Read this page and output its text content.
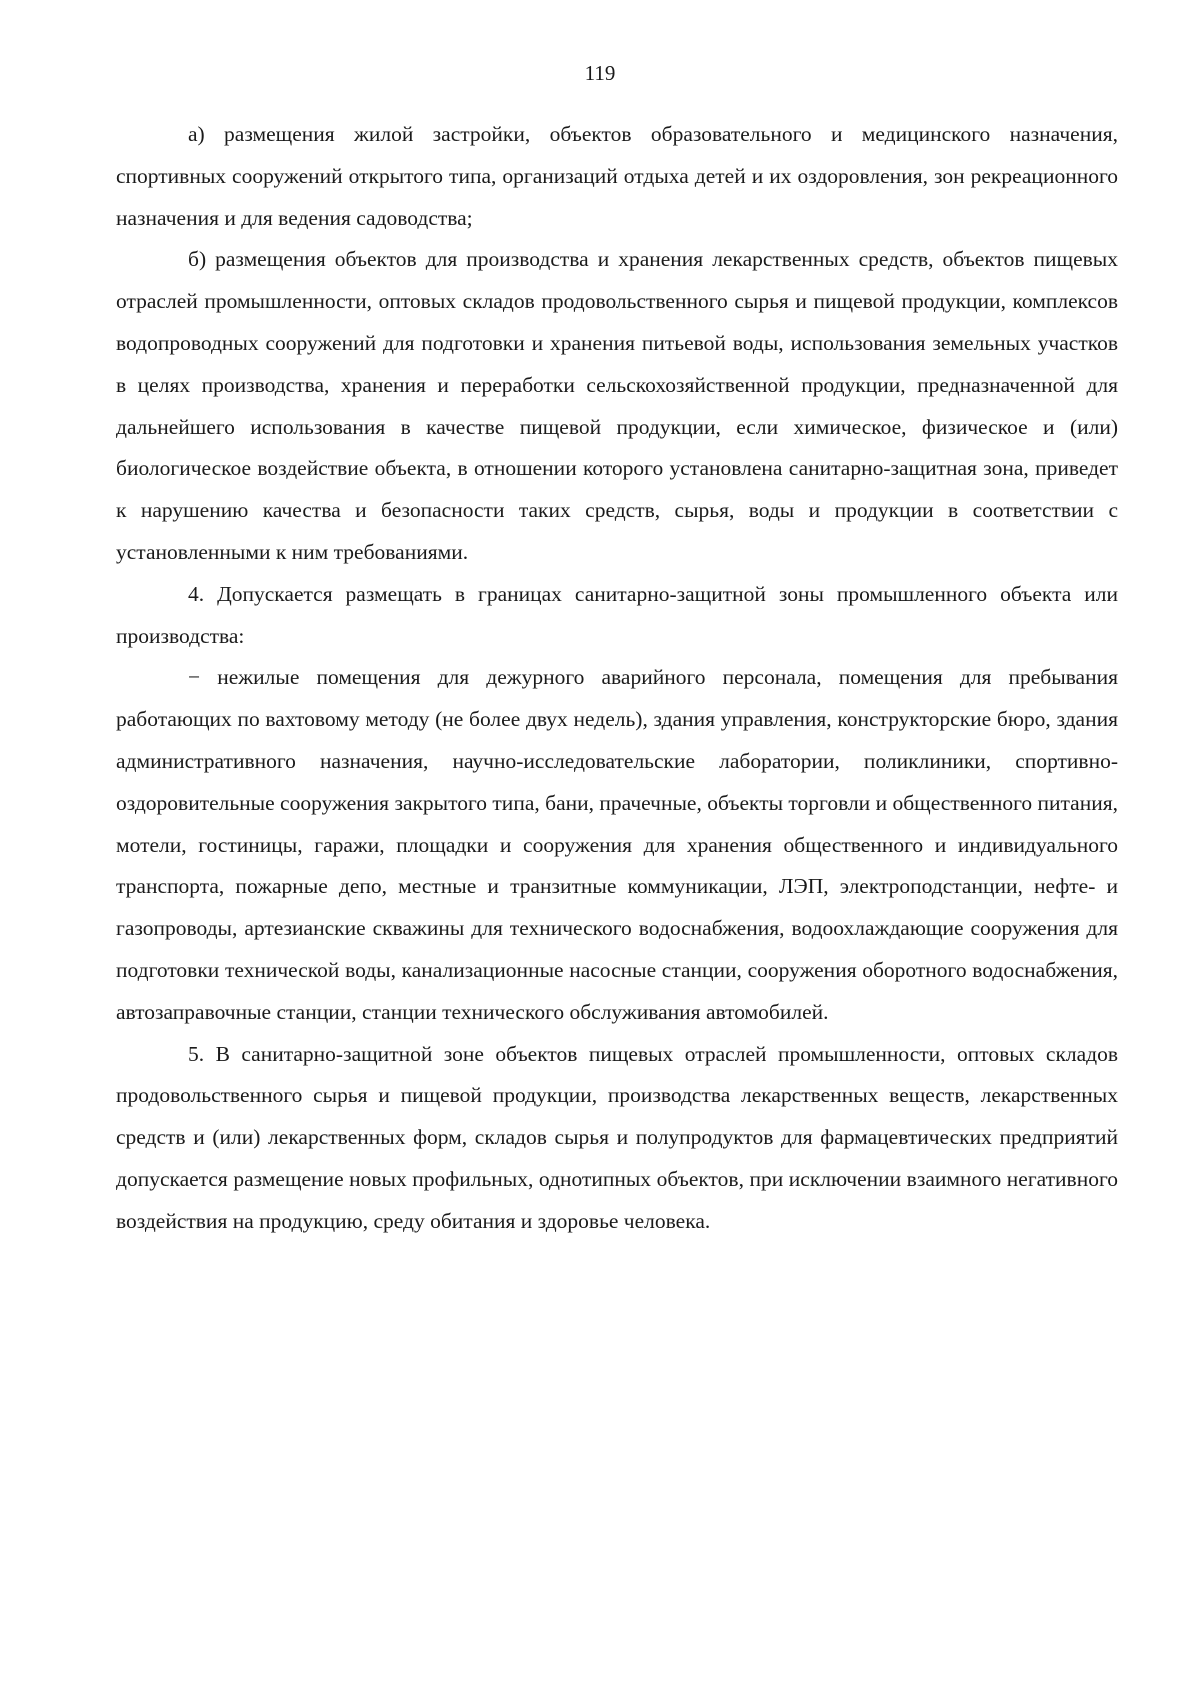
119

а) размещения жилой застройки, объектов образовательного и медицинского назначения, спортивных сооружений открытого типа, организаций отдыха детей и их оздоровления, зон рекреационного назначения и для ведения садоводства;

б) размещения объектов для производства и хранения лекарственных средств, объектов пищевых отраслей промышленности, оптовых складов продовольственного сырья и пищевой продукции, комплексов водопроводных сооружений для подготовки и хранения питьевой воды, использования земельных участков в целях производства, хранения и переработки сельскохозяйственной продукции, предназначенной для дальнейшего использования в качестве пищевой продукции, если химическое, физическое и (или) биологическое воздействие объекта, в отношении которого установлена санитарно-защитная зона, приведет к нарушению качества и безопасности таких средств, сырья, воды и продукции в соответствии с установленными к ним требованиями.

4. Допускается размещать в границах санитарно-защитной зоны промышленного объекта или производства:

− нежилые помещения для дежурного аварийного персонала, помещения для пребывания работающих по вахтовому методу (не более двух недель), здания управления, конструкторские бюро, здания административного назначения, научно-исследовательские лаборатории, поликлиники, спортивно-оздоровительные сооружения закрытого типа, бани, прачечные, объекты торговли и общественного питания, мотели, гостиницы, гаражи, площадки и сооружения для хранения общественного и индивидуального транспорта, пожарные депо, местные и транзитные коммуникации, ЛЭП, электроподстанции, нефте- и газопроводы, артезианские скважины для технического водоснабжения, водоохлаждающие сооружения для подготовки технической воды, канализационные насосные станции, сооружения оборотного водоснабжения, автозаправочные станции, станции технического обслуживания автомобилей.

5. В санитарно-защитной зоне объектов пищевых отраслей промышленности, оптовых складов продовольственного сырья и пищевой продукции, производства лекарственных веществ, лекарственных средств и (или) лекарственных форм, складов сырья и полупродуктов для фармацевтических предприятий допускается размещение новых профильных, однотипных объектов, при исключении взаимного негативного воздействия на продукцию, среду обитания и здоровье человека.
